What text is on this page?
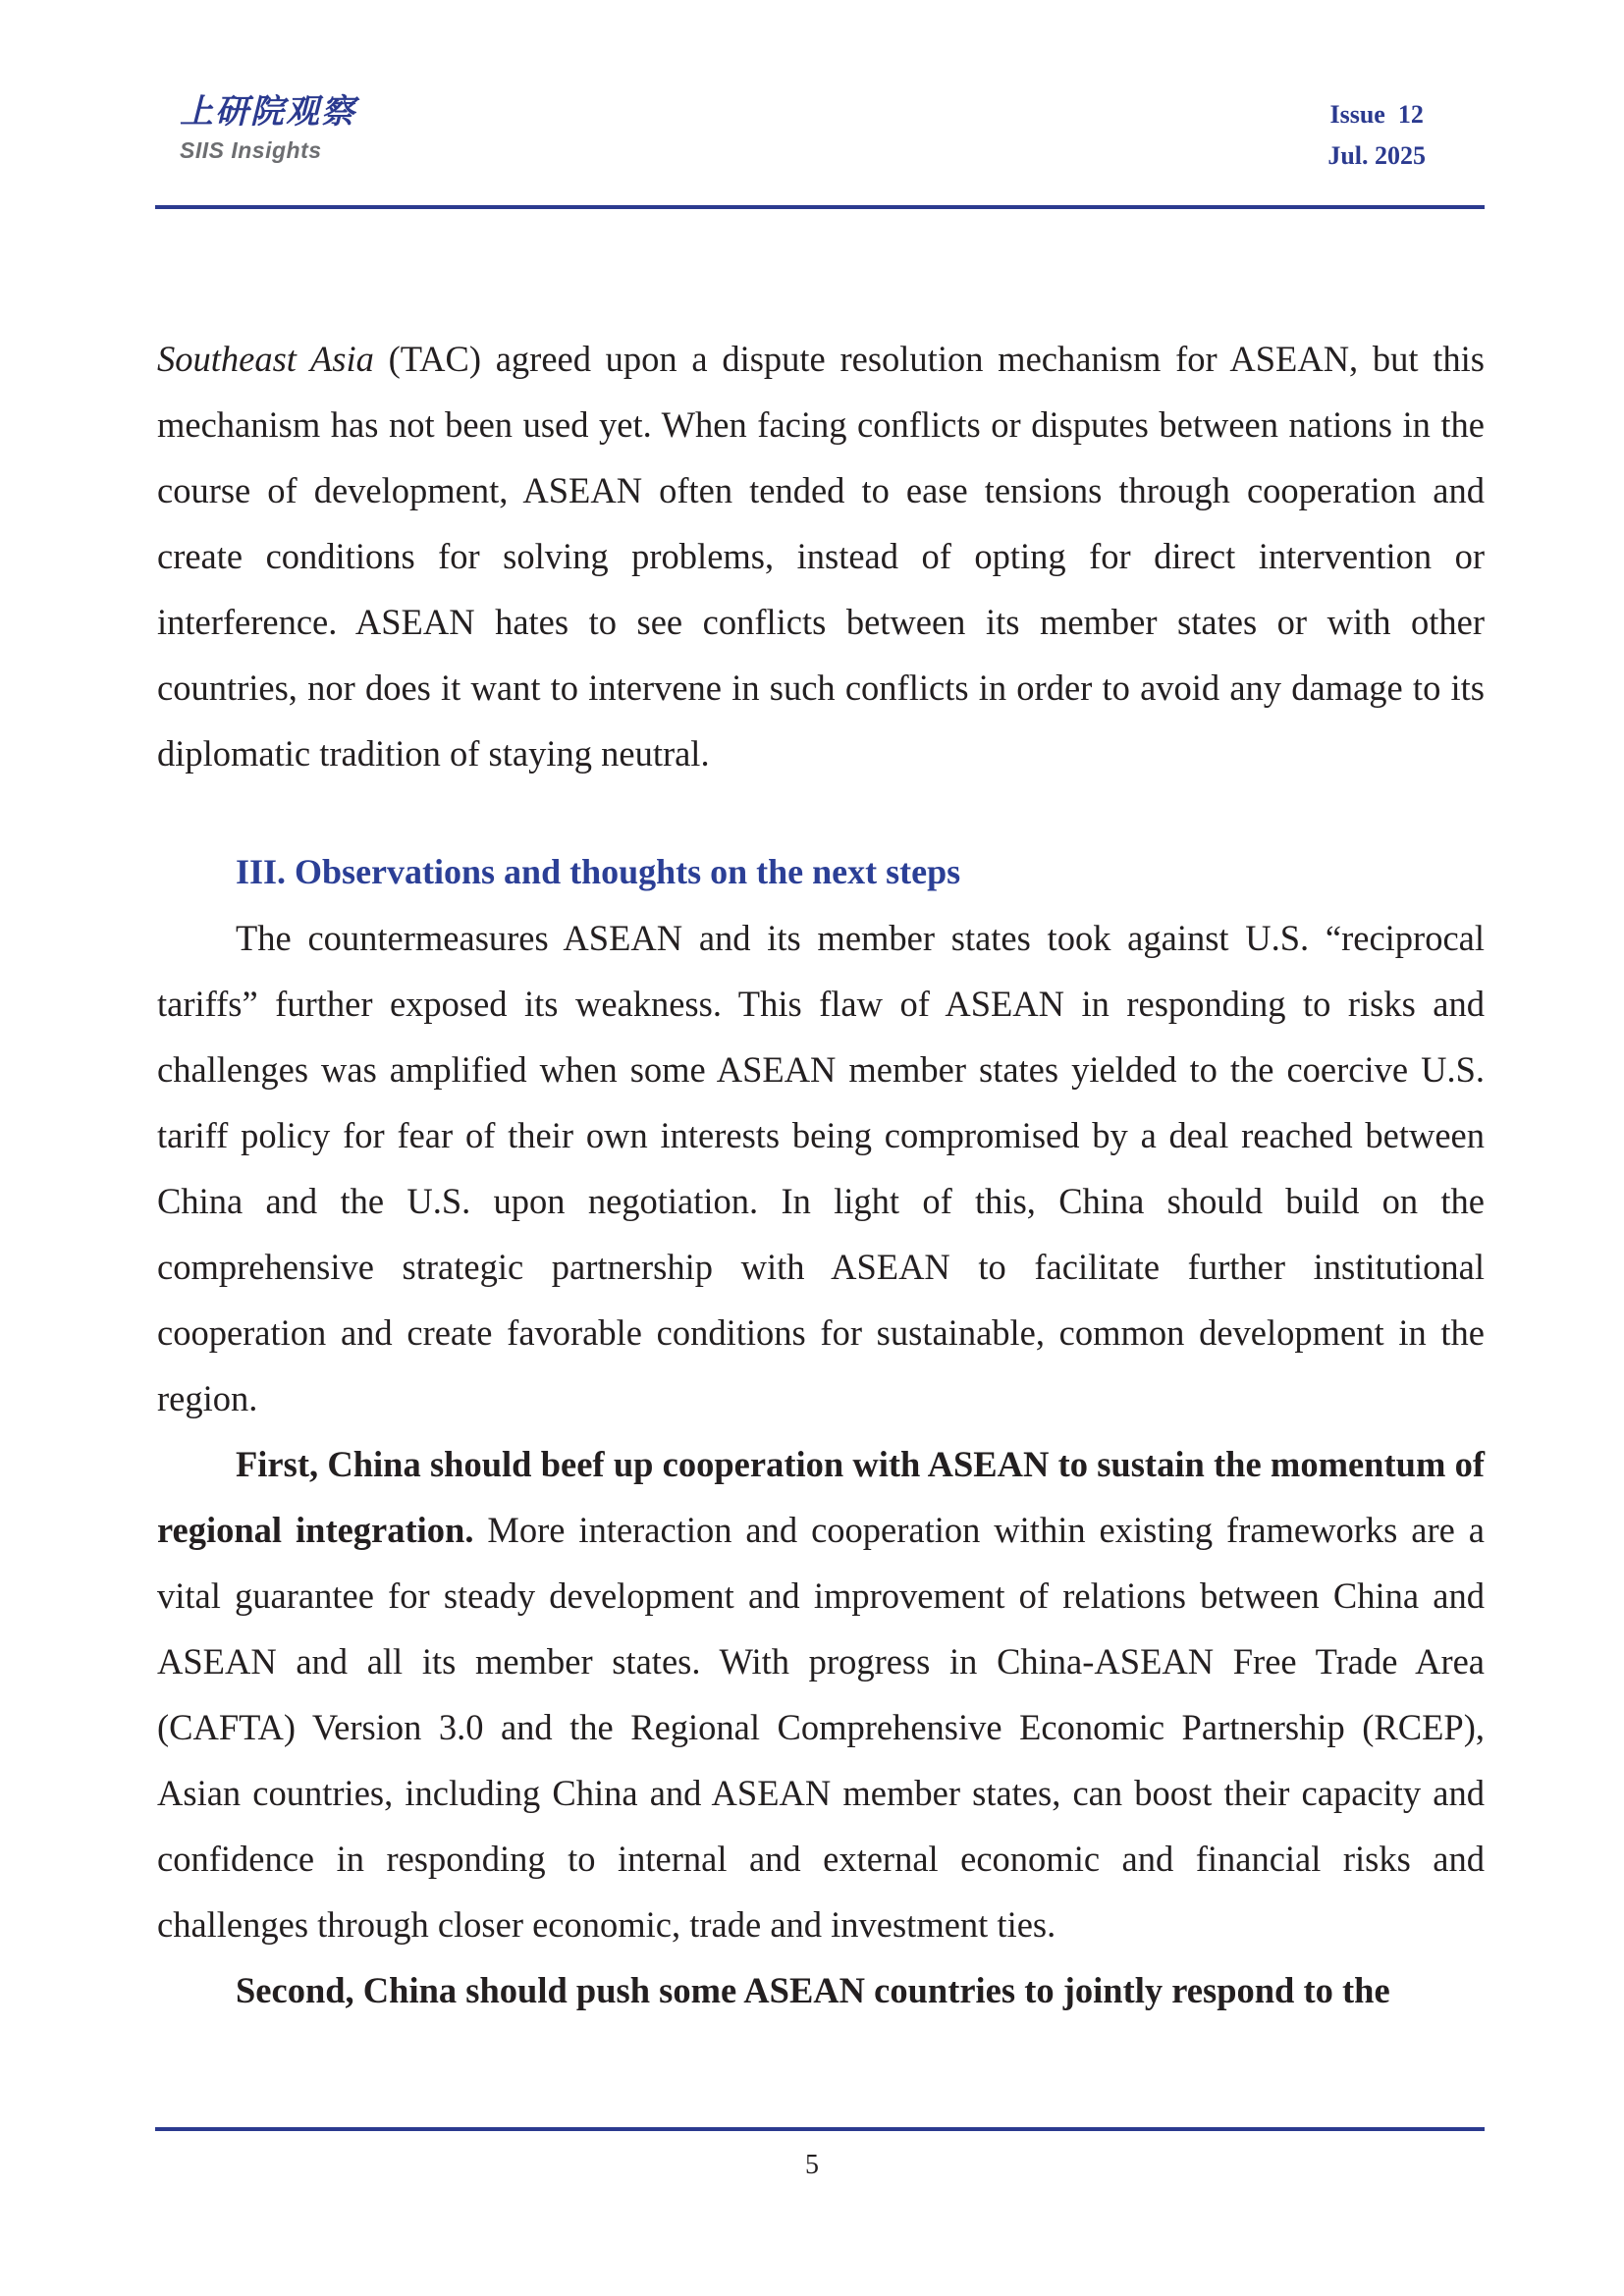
上研院观察
SIIS Insights
Issue  12
Jul. 2025

Southeast Asia (TAC) agreed upon a dispute resolution mechanism for ASEAN, but this mechanism has not been used yet. When facing conflicts or disputes between nations in the course of development, ASEAN often tended to ease tensions through cooperation and create conditions for solving problems, instead of opting for direct intervention or interference. ASEAN hates to see conflicts between its member states or with other countries, nor does it want to intervene in such conflicts in order to avoid any damage to its diplomatic tradition of staying neutral.

III. Observations and thoughts on the next steps

The countermeasures ASEAN and its member states took against U.S. “reciprocal tariffs” further exposed its weakness. This flaw of ASEAN in responding to risks and challenges was amplified when some ASEAN member states yielded to the coercive U.S. tariff policy for fear of their own interests being compromised by a deal reached between China and the U.S. upon negotiation. In light of this, China should build on the comprehensive strategic partnership with ASEAN to facilitate further institutional cooperation and create favorable conditions for sustainable, common development in the region.

First, China should beef up cooperation with ASEAN to sustain the momentum of regional integration. More interaction and cooperation within existing frameworks are a vital guarantee for steady development and improvement of relations between China and ASEAN and all its member states. With progress in China-ASEAN Free Trade Area (CAFTA) Version 3.0 and the Regional Comprehensive Economic Partnership (RCEP), Asian countries, including China and ASEAN member states, can boost their capacity and confidence in responding to internal and external economic and financial risks and challenges through closer economic, trade and investment ties.

Second, China should push some ASEAN countries to jointly respond to the

5
